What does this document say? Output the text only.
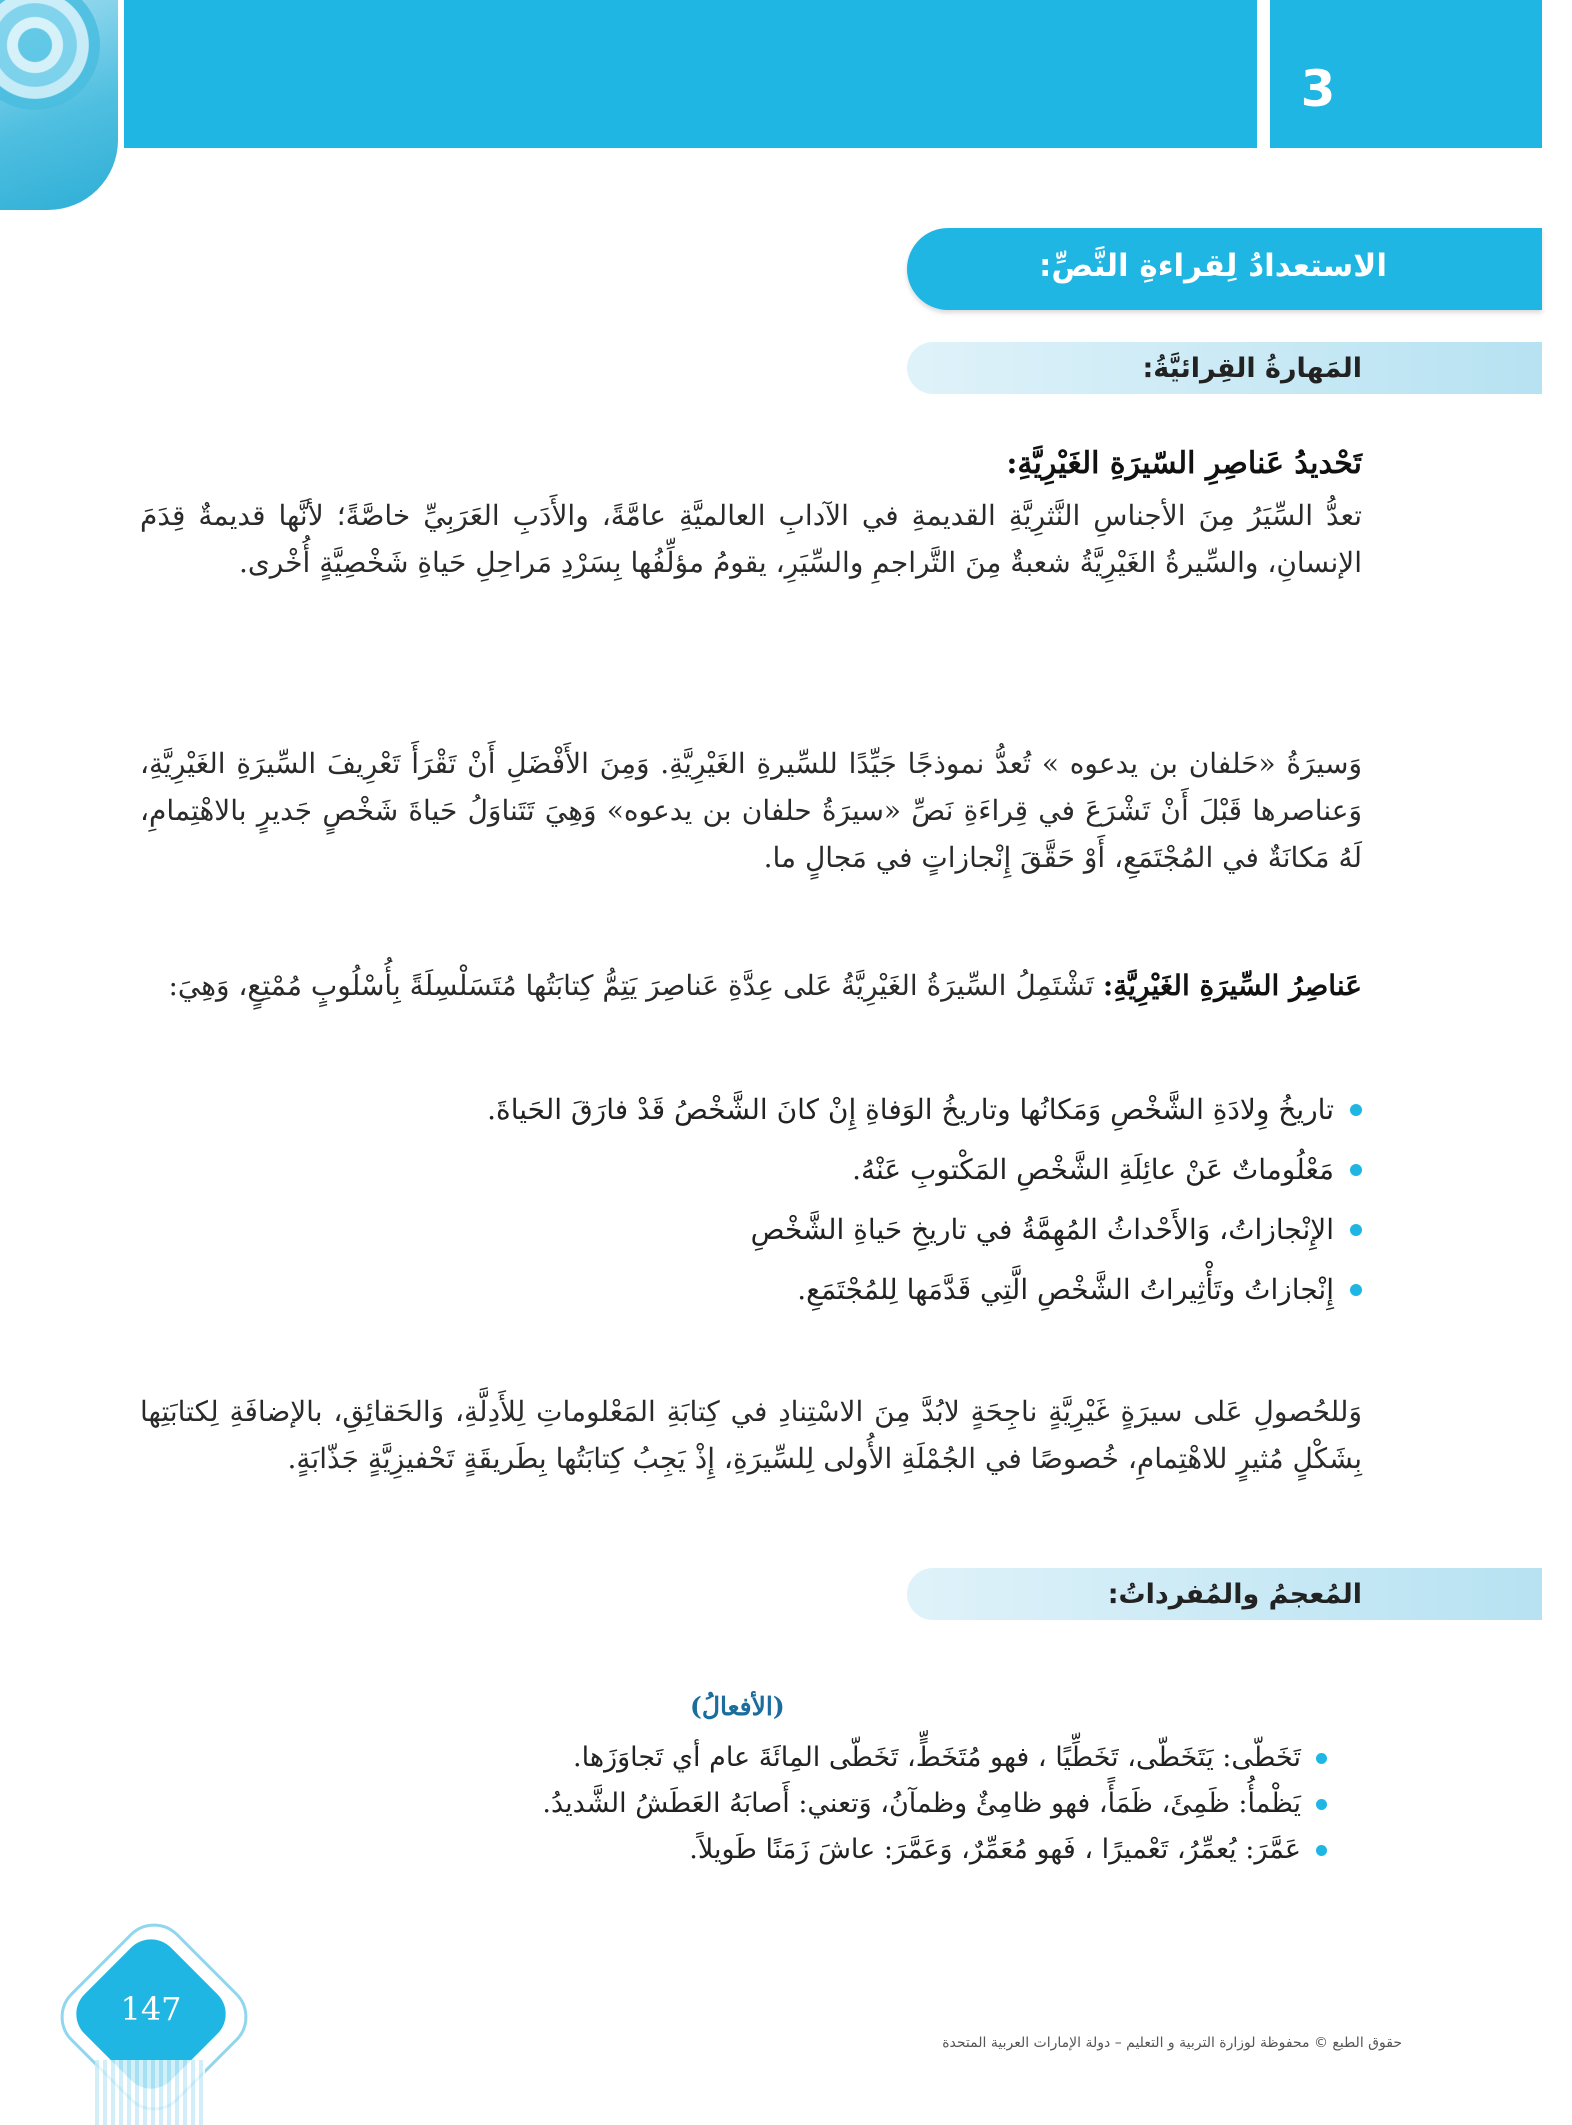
3
الاستعدادُ لِقراءةِ النَّصِّ:
المَهارةُ القِرائيَّةُ:
تَحْديدُ عَناصِرِ السّيرَةِ الغَيْرِيَّةِ:
تعدُّ السِّيَرُ مِنَ الأجناسِ النَّثرِيَّةِ القديمةِ في الآدابِ العالميَّةِ عامَّةً، والأَدَبِ العَرَبِيِّ خاصَّةً؛ لأنَّها قديمةٌ قِدَمَ الإنسانِ، والسِّيرةُ الغَيْرِيَّةُ شعبةٌ مِنَ التَّراجمِ والسِّيَرِ، يقومُ مؤلِّفُها بِسَرْدِ مَراحِلِ حَياةِ شَخْصِيَّةٍ أُخْرى.
وَسيرَةُ «حَلفان بن يدعوه » تُعدُّ نموذجًا جَيِّدًا للسِّيرةِ الغَيْرِيَّةِ. وَمِنَ الأَفْضَلِ أَنْ تَقْرَأَ تَعْرِيفَ السِّيرَةِ الغَيْرِيَّةِ، وَعناصرها قَبْلَ أَنْ تَشْرَعَ في قِراءَةِ نَصِّ «سيرَةُ حلفان بن يدعوه» وَهِيَ تَتَناوَلُ حَياةَ شَخْصٍ جَديرٍ بالاهْتِمامِ، لَهُ مَكانَةٌ في المُجْتَمَعِ، أَوْ حَقَّقَ إِنْجازاتٍ في مَجالٍ ما.
عَناصِرُ السِّيرَةِ الغَيْرِيَّةِ: تَشْتَمِلُ السِّيرَةُ الغَيْرِيَّةُ عَلى عِدَّةِ عَناصِرَ يَتِمُّ كِتابَتُها مُتَسَلْسِلَةً بِأُسْلُوبٍ مُمْتِعٍ، وَهِيَ:
تاريخُ وِلادَةِ الشَّخْصِ وَمَكانُها وتاريخُ الوَفاةِ إِنْ كانَ الشَّخْصُ قَدْ فارَقَ الحَياةَ.
مَعْلُوماتٌ عَنْ عائِلَةِ الشَّخْصِ المَكْتوبِ عَنْهُ.
الإِنْجازاتُ، وَالأَحْداثُ المُهِمَّةُ في تاريخِ حَياةِ الشَّخْصِ
إِنْجازاتُ وتَأْثِيراتُ الشَّخْصِ الَّتِي قَدَّمَها لِلمُجْتَمَعِ.
وَللحُصولِ عَلى سيرَةٍ غَيْرِيَّةٍ ناجِحَةٍ لابُدَّ مِنَ الاسْتِنادِ في كِتابَةِ المَعْلوماتِ لِلأَدِلَّةِ، وَالحَقائِقِ، بالإضافَةِ لِكتابَتِها بِشَكْلٍ مُثيرٍ للاهْتِمامِ، خُصوصًا في الجُمْلَةِ الأُولى لِلسِّيرَةِ، إِذْ يَجِبُ كِتابَتُها بِطَريقَةٍ تَحْفيزِيَّةٍ جَذّابَةٍ.
المُعجمُ والمُفرداتُ:
(الأفعالُ)
تَخَطّى: يَتَخَطّى، تَخَطِّيًا ، فهو مُتَخَطٍّ، تَخَطّى المِائَةَ عام أي تَجاوَزَها.
يَظْمأُ: ظَمِئَ، ظَمَأً، فهو ظامِئٌ وظمآنُ، وَتعني: أَصابَهُ العَطَشُ الشَّديدُ.
عَمَّرَ: يُعمِّرُ، تَعْميرًا ، فَهو مُعَمِّرٌ، وَعَمَّرَ: عاشَ زَمَنًا طَويلاً.
147
حقوق الطبع © محفوظة لوزارة التربية و التعليم – دولة الإمارات العربية المتحدة
